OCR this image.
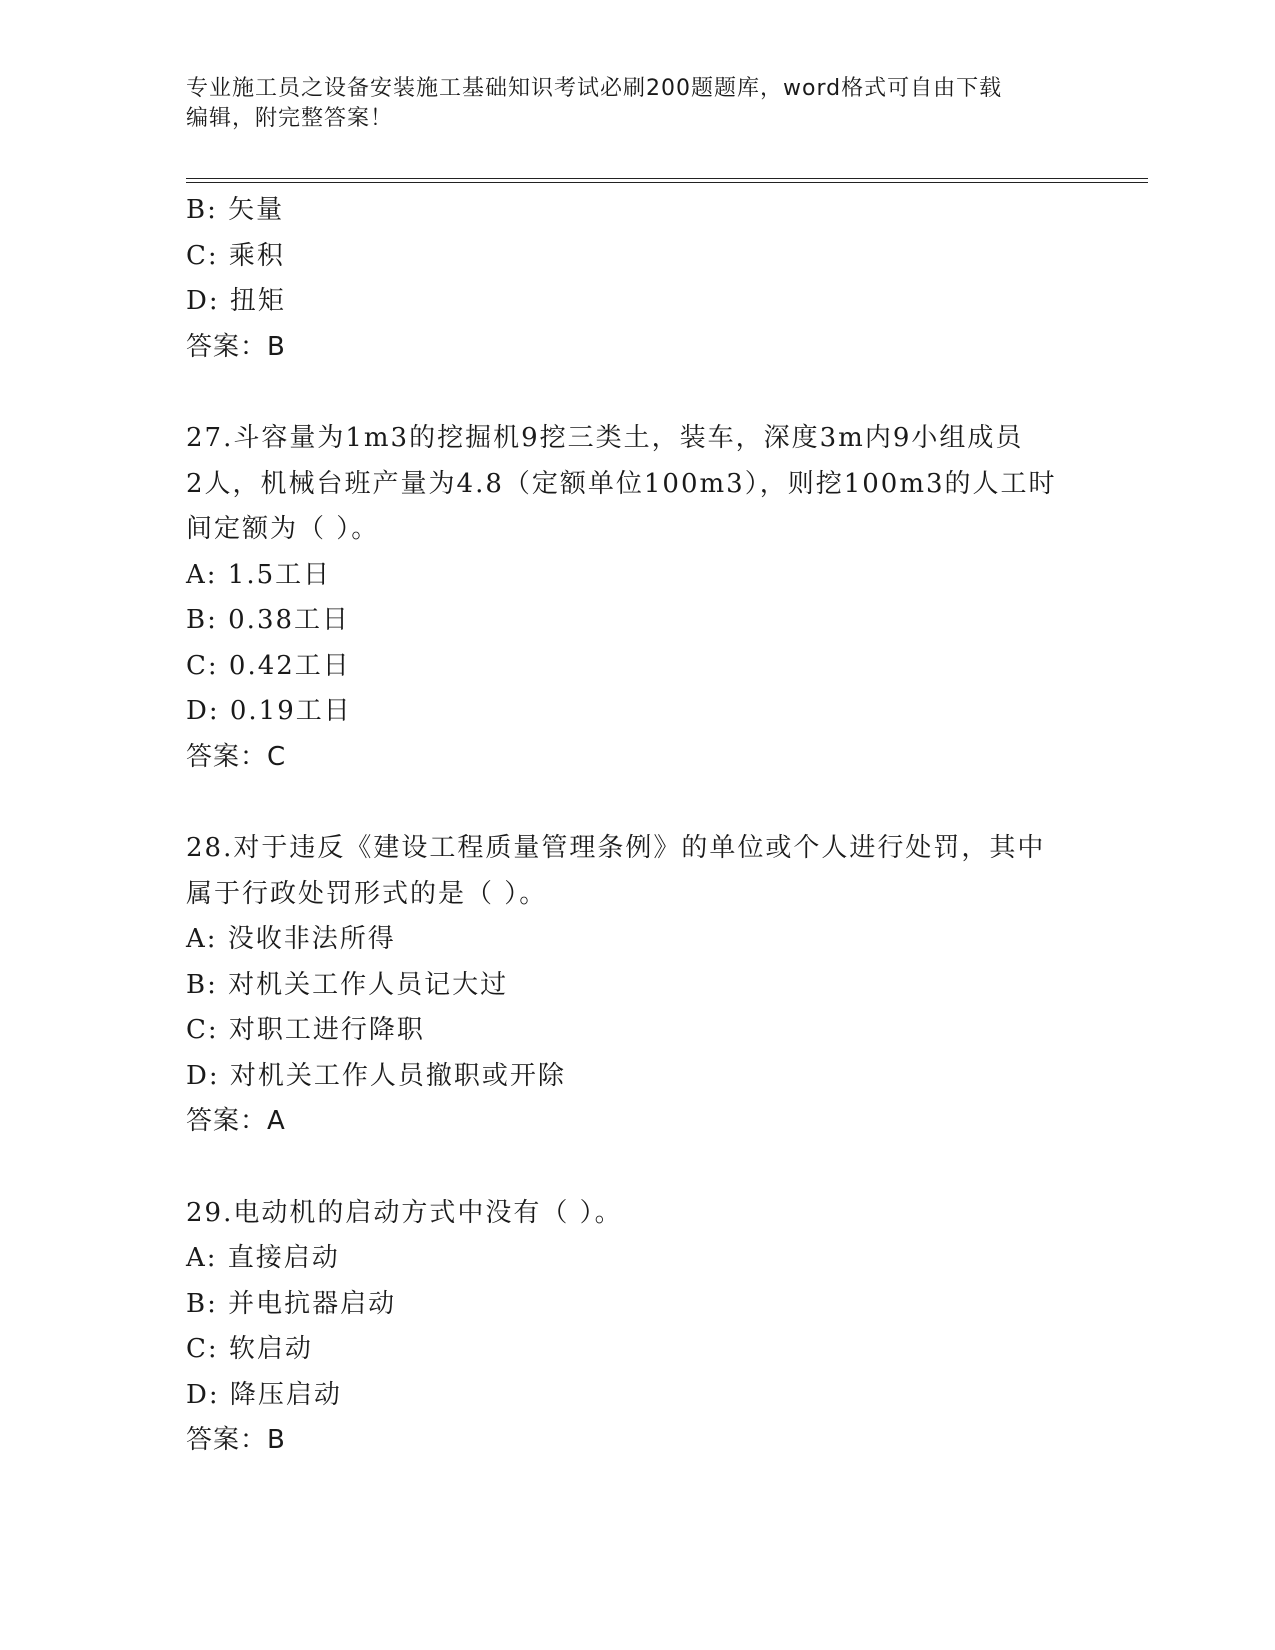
专业施工员之设备安装施工基础知识考试必刷200题题库，word格式可自由下载
编辑，附完整答案！
B: 矢量
C: 乘积
D: 扭矩
答案：B
27.斗容量为1m3的挖掘机9挖三类土，装车，深度3m内9小组成员
2人，机械台班产量为4.8（定额单位100m3），则挖100m3的人工时
间定额为（ ）。
A: 1.5工日
B: 0.38工日
C: 0.42工日
D: 0.19工日
答案：C
28.对于违反《建设工程质量管理条例》的单位或个人进行处罚，其中
属于行政处罚形式的是（ ）。
A: 没收非法所得
B: 对机关工作人员记大过
C: 对职工进行降职
D: 对机关工作人员撤职或开除
答案：A
29.电动机的启动方式中没有（ ）。
A: 直接启动
B: 并电抗器启动
C: 软启动
D: 降压启动
答案：B
